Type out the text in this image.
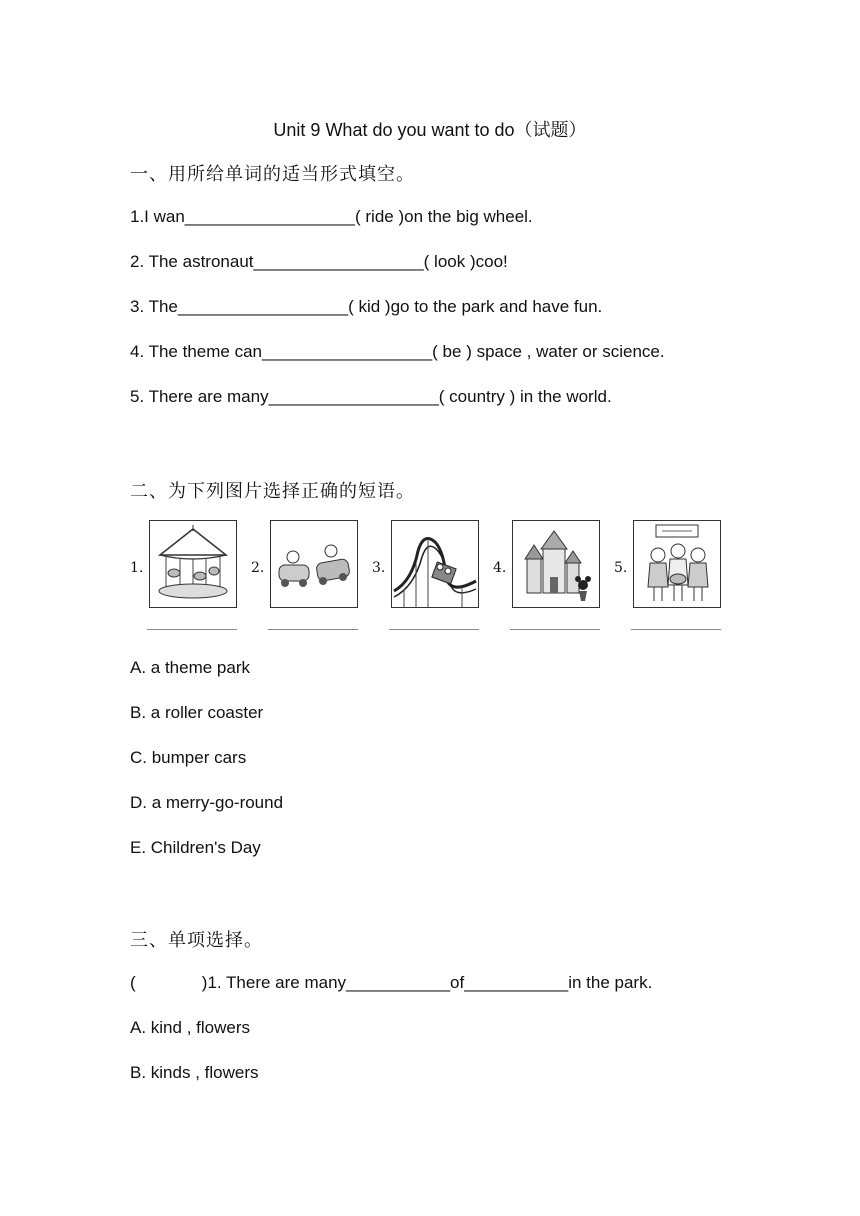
Unit 9 What do you want to do（试题）
一、用所给单词的适当形式填空。
1.I wan__________________( ride )on the big wheel.
2. The astronaut__________________( look )coo!
3. The__________________( kid )go to the park and have fun.
4. The theme can__________________( be ) space , water or science.
5. There are many__________________( country ) in the world.
二、为下列图片选择正确的短语。
1.	2.	3.	4.	5.
A. a theme park
B. a roller coaster
C. bumper cars
D. a merry-go-round
E. Children's Day
三、单项选择。
(              )1. There are many___________of___________in the park.
A. kind , flowers
B. kinds , flowers
